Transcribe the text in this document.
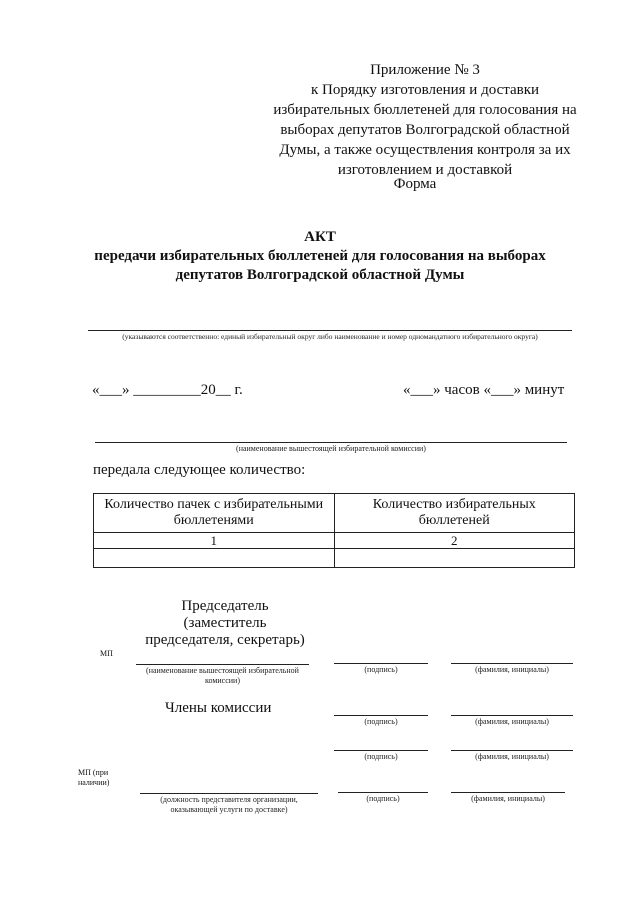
Приложение № 3
к Порядку изготовления и доставки
избирательных бюллетеней для голосования на
выборах депутатов Волгоградской областной
Думы, а также осуществления контроля за их
изготовлением и доставкой
Форма
АКТ
передачи избирательных бюллетеней для голосования на выборах
депутатов Волгоградской областной Думы
(указываются соответственно: единый избирательный округ либо наименование и номер одномандатного избирательного округа)
«___» _________20__ г.	«___» часов «___» минут
(наименование вышестоящей избирательной комиссии)
передала следующее количество:
Количество пачек с избирательными бюллетенями	Количество избирательных бюллетеней
1	2

Председатель
(заместитель
председателя, секретарь)
МП
(наименование вышестоящей избирательной
комиссии)
(подпись)	(фамилия, инициалы)
Члены комиссии
(подпись)	(фамилия, инициалы)
(подпись)	(фамилия, инициалы)
МП (при
наличии)
(должность представителя организации,
оказывающей услуги по доставке)
(подпись)	(фамилия, инициалы)
